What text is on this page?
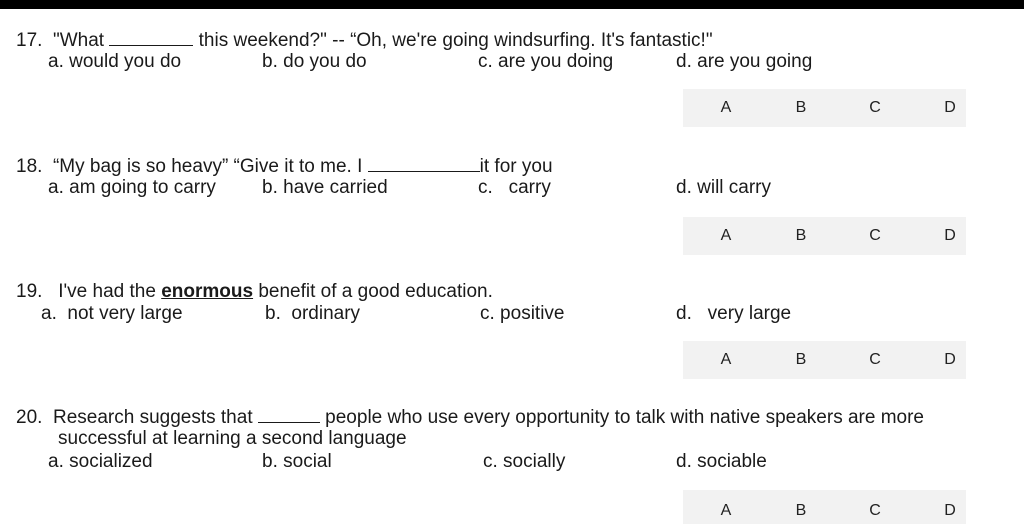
17. "What	this weekend?" -- “Oh, we're going windsurfing. It's fantastic!"
a. would you do	b. do you do	c. are you doing	d. are you going
A	B	C	D
18. “My bag is so heavy” “Give it to me. I	it for you
a. am going to carry b. have carried	c.   carry	d. will carry
A	B	C	D
19. I've had the enormous benefit of a good education.
a.  not very large	b.  ordinary	c. positive	d.   very large
A	B	C	D
20. Research suggests that	people who use every opportunity to talk with native speakers are more
successful at learning a second language
a. socialized	b. social	c. socially	d. sociable
A	B	C	D
